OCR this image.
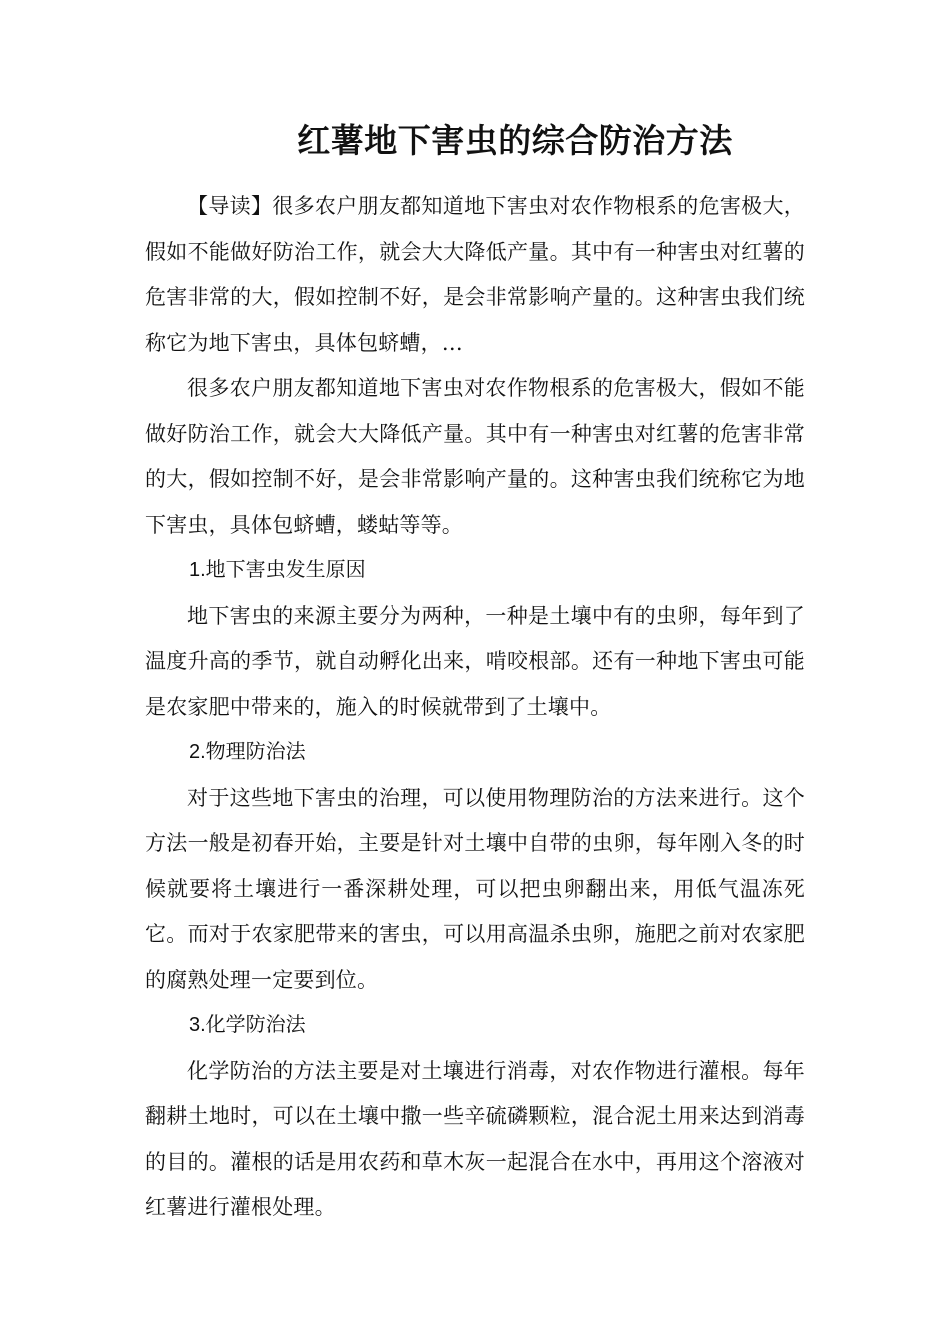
红薯地下害虫的综合防治方法

【导读】很多农户朋友都知道地下害虫对农作物根系的危害极大，假如不能做好防治工作，就会大大降低产量。其中有一种害虫对红薯的危害非常的大，假如控制不好，是会非常影响产量的。这种害虫我们统称它为地下害虫，具体包蛴螬，…

很多农户朋友都知道地下害虫对农作物根系的危害极大，假如不能做好防治工作，就会大大降低产量。其中有一种害虫对红薯的危害非常的大，假如控制不好，是会非常影响产量的。这种害虫我们统称它为地下害虫，具体包蛴螬，蝼蛄等等。

1.地下害虫发生原因

地下害虫的来源主要分为两种，一种是土壤中有的虫卵，每年到了温度升高的季节，就自动孵化出来，啃咬根部。还有一种地下害虫可能是农家肥中带来的，施入的时候就带到了土壤中。

2.物理防治法

对于这些地下害虫的治理，可以使用物理防治的方法来进行。这个方法一般是初春开始，主要是针对土壤中自带的虫卵，每年刚入冬的时候就要将土壤进行一番深耕处理，可以把虫卵翻出来，用低气温冻死它。而对于农家肥带来的害虫，可以用高温杀虫卵，施肥之前对农家肥的腐熟处理一定要到位。

3.化学防治法

化学防治的方法主要是对土壤进行消毒，对农作物进行灌根。每年翻耕土地时，可以在土壤中撒一些辛硫磷颗粒，混合泥土用来达到消毒的目的。灌根的话是用农药和草木灰一起混合在水中，再用这个溶液对红薯进行灌根处理。
